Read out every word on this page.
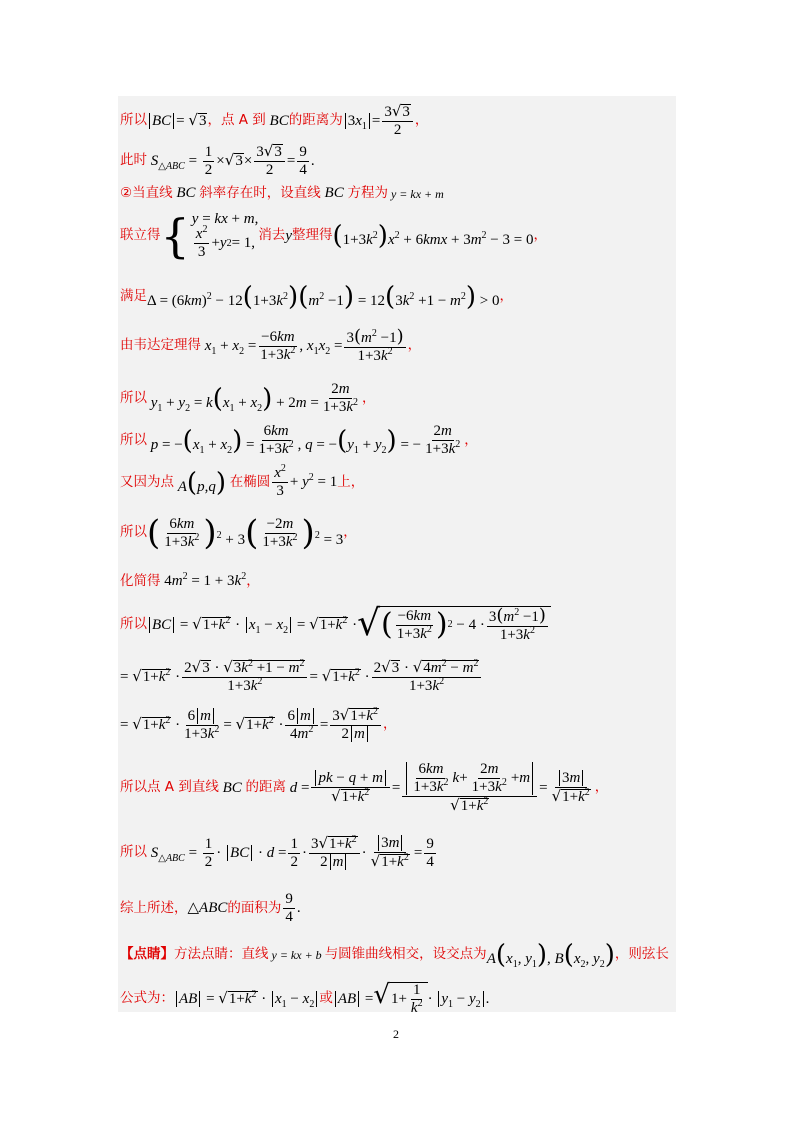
所以 BC = √ 3 ，点 A 到 BC 的距离为 $3x_1 = \frac{3 √ 3}{2}$ ，
此时 $S_{\triangle ABC} = \frac{1}{2}$ × √ $3 \times \frac{3 √ 3}{2} = \frac{9}{4}$ .
②当直线 BC 斜率存在时，设直线 BC 方程为 y = kx + m
联立得 { y = kx + m,
$\frac{x^2}{3} + y$ 2 = 1, 消去 y 整理得 $(1+3k^2)x^2 + 6kmx + 3m^2 - 3 = 0$ ，
满足 $\Delta = (6km)^2 - 12(1+3k^2)(m^2 -1) = 12(3k^2 +1 - m^2) > 0$ ，
由韦达定理得 $x_1 + x_2 = \frac{-6km}{1+3k^2}$ , $x_1x_2 = \frac{3(m^2 -1)}{1+3k^2}$ ，
所以 $y_1 + y_2 = k(x_1 + x_2) + 2m = \frac{2m}{1+3k^2}$ ，
所以 $p = -(x_1 + x_2) = \frac{6km}{1+3k^2}$ , $q = -(y_1 + y_2)$ = − $\frac{2m}{1+3k^2}$ ，
又因为点 A(p,q) 在椭圆 $\frac{x^2}{3} + y^2 = 1$ 上，
所以 ( $\frac{6km}{1+3k^2} )^2 + 3( \frac{-2m}{1+3k^2} )^2 = 3$ ，
化简得 $4m^2 = 1 + 3k^2$ ，
所以 BC = √ $1+k^2 \cdot x_1 - x_2$ = √ $1+k^2$ · √ ( $\frac{-6km}{1+3k^2}$ ) $2 - 4 \cdot \frac{3(m^2 -1)}{1+3k^2}$
= √ $1+k^2 \cdot \frac{2 √ 3 \cdot √ 3k^2 +1 - m^2}{1+3k^2}$ = √ $1+k^2 \cdot \frac{2 √ 3 \cdot √ 4m^2 - m^2}{1+3k^2}$
= √ $1+k^2 \cdot \frac{6 m}{1+3k^2}$ = √ $1+k^2 \cdot \frac{6 m}{4m^2} = \frac{3 √ 1+k^2}{2 m}$ ，
所以点 A 到直线 BC 的距离 $d = \frac{pk - q + m}{√ 1+k^2} = \frac{\frac{6km}{1+3k^2} k + \frac{2m}{1+3k^2} + m}{√ 1+k^2} = \frac{3m}{√ 1+k^2}$ ，
所以 $S_{\triangle ABC} = \frac{1}{2}$ · BC · $d = \frac{1}{2} \cdot \frac{3 √ 1+k^2}{2 m} \cdot \frac{3m}{√ 1+k^2} = \frac{9}{4}$
综上所述， △ABC 的面积为 $\frac{9}{4}$ .
【点睛】 方法点睛：直线 y = kx + b 与圆锥曲线相交，设交点为 $A(x_1$, $y_1$), $B(x_2$, $y_2$) ，则弦长
公式为： AB = √ $1+k^2 \cdot x_1 - x_2$ 或 AB = √ $1+ \frac{1}{k^2} \cdot y_1 - y_2$ .
2
